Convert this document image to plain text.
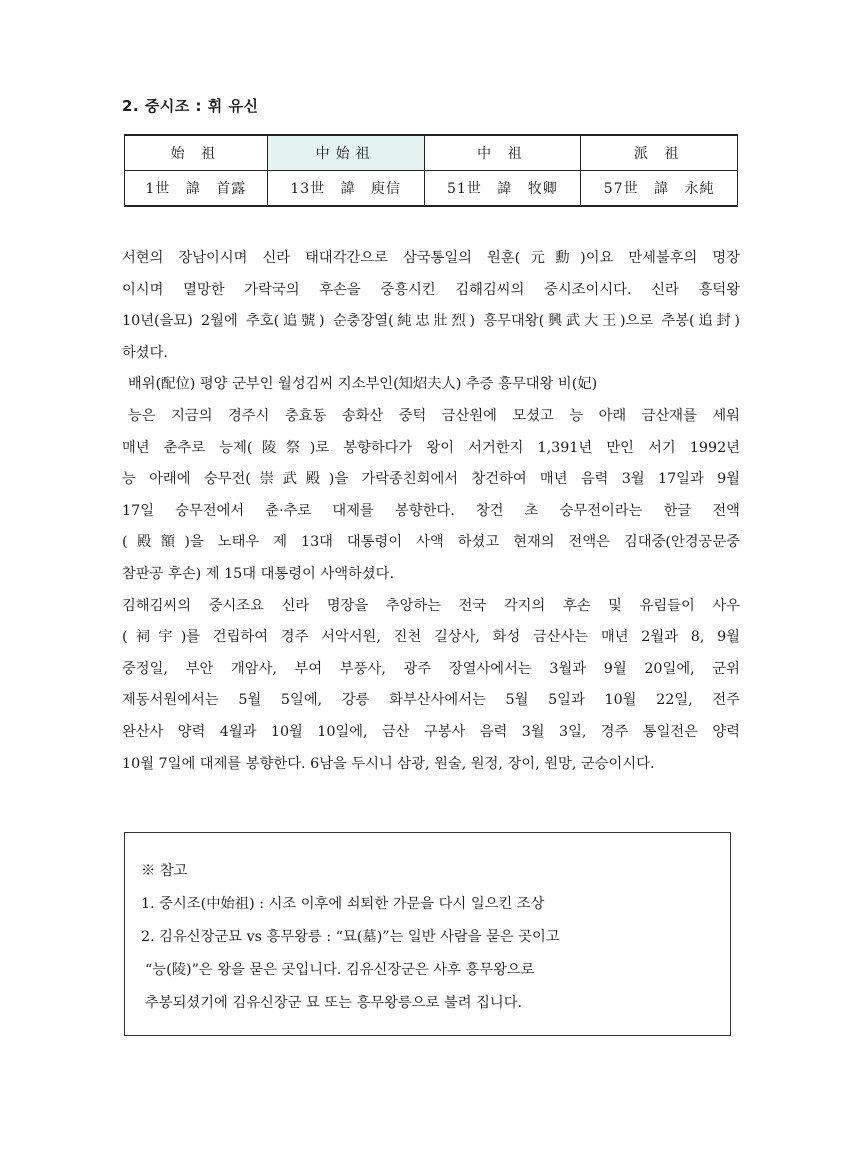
2. 중시조 : 휘 유신
始 祖	中始祖	中 祖	派 祖
1世 諱 首露	13世 諱 庾信	51世 諱 牧卿	57世 諱 永純

서현의 장남이시며 신라 태대각간으로 삼국통일의 원훈(元勳)이요 만세불후의 명장

이시며 멸망한 가락국의 후손을 중흥시킨 김해김씨의 중시조이시다. 신라 흥덕왕

10년(을묘) 2월에 추호(追號) 순충장열(純忠壯烈) 흥무대왕(興武大王)으로 추봉(追封)

하셨다.

배위(配位) 평양 군부인 월성김씨 지소부인(知炤夫人) 추증 흥무대왕 비(妃)

능은 지금의 경주시 충효동 송화산 중턱 금산원에 모셨고 능 아래 금산재를 세워

매년 춘추로 능제(陵祭)로 봉향하다가 왕이 서거한지 1,391년 만인 서기 1992년

능 아래에 숭무전(崇武殿)을 가락종친회에서 창건하여 매년 음력 3월 17일과 9월

17일 숭무전에서 춘·추로 대제를 봉향한다. 창건 초 숭무전이라는 한글 전액

(殿額)을 노태우 제 13대 대통령이 사액 하셨고 현재의 전액은 김대중(안경공문중

참판공 후손) 제 15대 대통령이 사액하셨다.

김해김씨의 중시조요 신라 명장을 추앙하는 전국 각지의 후손 및 유림들이 사우

(祠宇)를 건립하여 경주 서악서원, 진천 길상사, 화성 금산사는 매년 2월과 8, 9월

중정일, 부안 개암사, 부여 부풍사, 광주 장열사에서는 3월과 9월 20일에, 군위

제동서원에서는 5월 5일에, 강릉 화부산사에서는 5월 5일과 10월 22일, 전주

완산사 양력 4월과 10월 10일에, 금산 구봉사 음력 3월 3일, 경주 통일전은 양력

10월 7일에 대제를 봉향한다. 6남을 두시니 삼광, 원술, 원정, 장이, 원망, 군승이시다.

※ 참고

1. 중시조(中始祖) : 시조 이후에 쇠퇴한 가문을 다시 일으킨 조상

2. 김유신장군묘 vs 흥무왕릉 : “묘(墓)”는 일반 사람을 묻은 곳이고

“능(陵)”은 왕을 묻은 곳입니다. 김유신장군은 사후 흥무왕으로

추봉되셨기에 김유신장군 묘 또는 흥무왕릉으로 불려 집니다.
